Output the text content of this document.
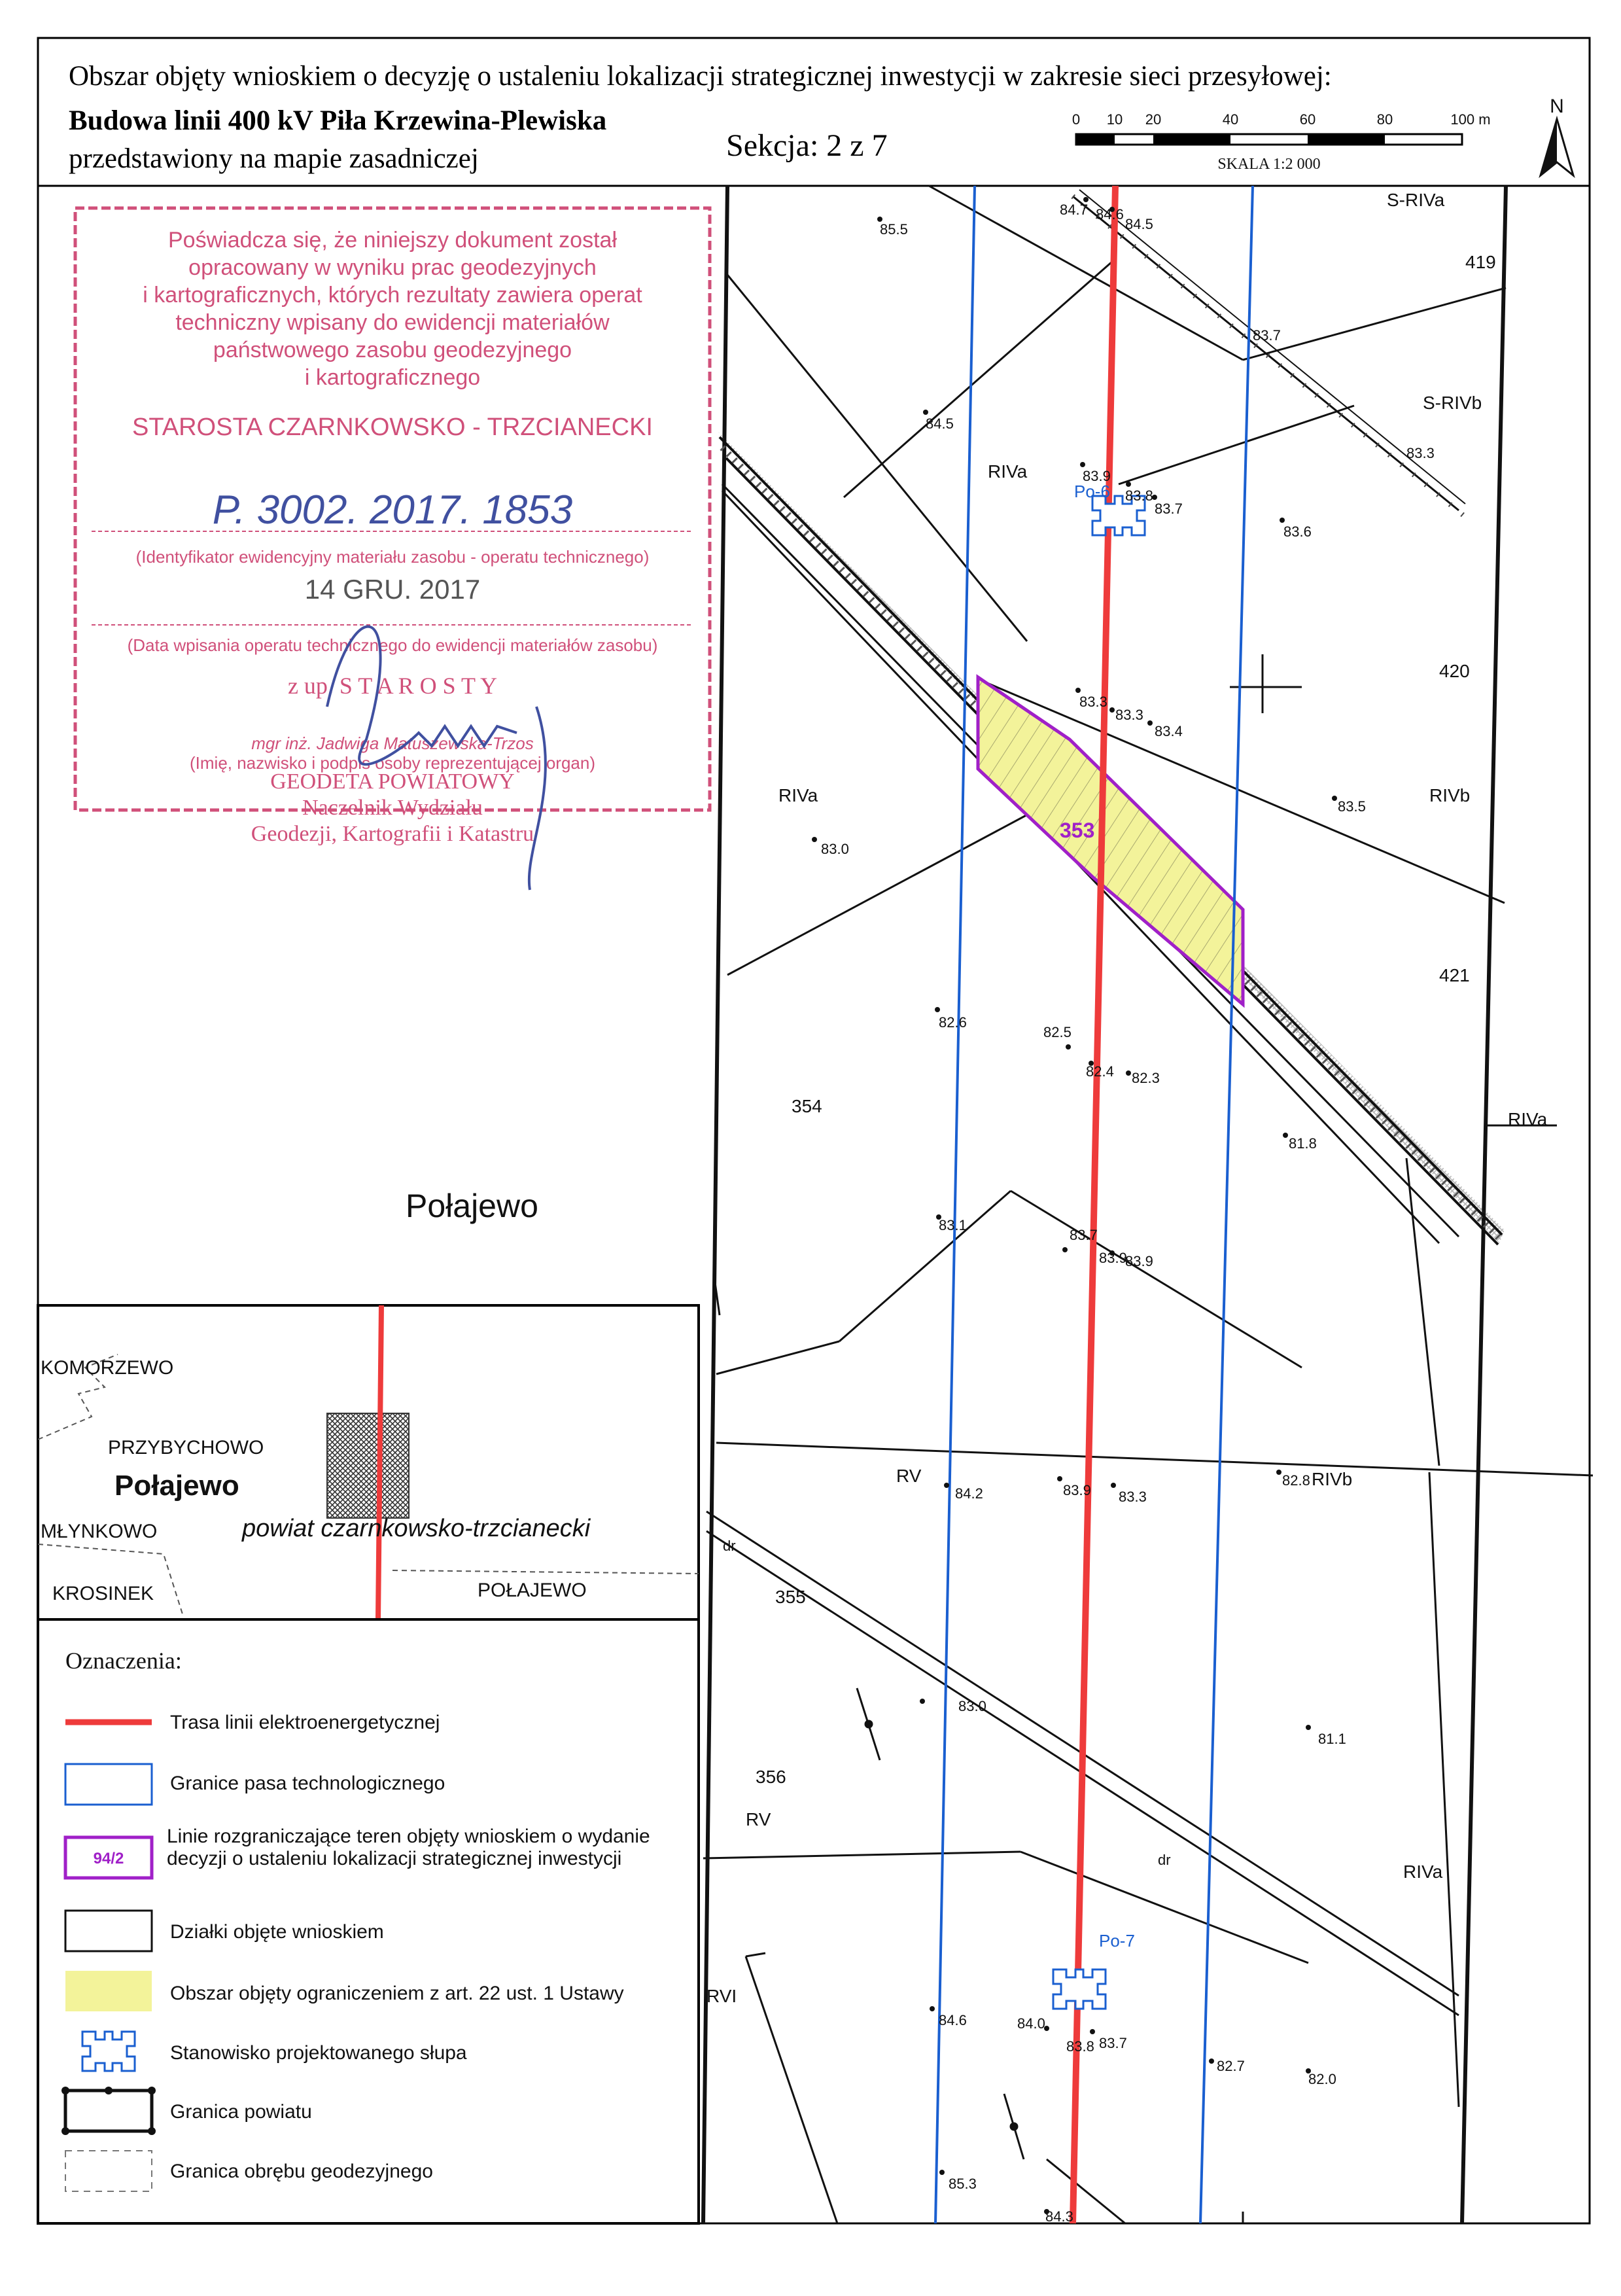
Połajewo
419
420
421
354
355
356
353
S-RIVa
S-RIVb
RIVa
RIVa	RIVb
RIVa
RV	RIVb
RV
RIVa
RVI
Po-6
Po-7
dr
dr
85.5
84.7 84.6
84.5
83.7
83.3
84.5
83.9
83.8
83.7
83.6
83.3
83.3
83.4
83.5
83.0
82.6
82.5
82.4 82.3
81.8
83.1
83.7
83.9
83.9
84.2	83.9 83.3
82.8
83.0
81.1
84.6	84.0
83.8 83.7
82.7
82.0
85.3
84.3
Poświadcza się, że niniejszy dokument został
opracowany w wyniku prac geodezyjnych
i kartograficznych, których rezultaty zawiera operat
techniczny wpisany do ewidencji materiałów
państwowego zasobu geodezyjnego
i kartograficznego
STAROSTA CZARNKOWSKO - TRZCIANECKI
P. 3002. 2017. 1853
(Identyfikator ewidencyjny materiału zasobu - operatu technicznego)
14 GRU. 2017
(Data wpisania operatu technicznego do ewidencji materiałów zasobu)
z up. S T A R O S T Y
mgr inż. Jadwiga Matuszewska-Trzos
(Imię, nazwisko i podpis osoby reprezentującej organ)
GEODETA POWIATOWY
Naczelnik Wydziału
Geodezji, Kartografii i Katastru
KOMORZEWO
PRZYBYCHOWO
Połajewo
MŁYNKOWO	powiat czarnkowsko-trzcianecki
KROSINEK	POŁAJEWO
Oznaczenia:
Trasa linii elektroenergetycznej
Granice pasa technologicznego
94/2
Linie rozgraniczające teren objęty wnioskiem o wydanie decyzji o ustaleniu lokalizacji strategicznej inwestycji
Działki objęte wnioskiem
Obszar objęty ograniczeniem z art. 22 ust. 1 Ustawy
Stanowisko projektowanego słupa
Granica powiatu
Granica obrębu geodezyjnego
0 10 20	40	60	80	100 m
SKALA 1:2 000
N
Obszar objęty wnioskiem o decyzję o ustaleniu lokalizacji strategicznej inwestycji w zakresie sieci przesyłowej:
Budowa linii 400 kV Piła Krzewina-Plewiska
przedstawiony na mapie zasadniczej	Sekcja: 2 z 7
